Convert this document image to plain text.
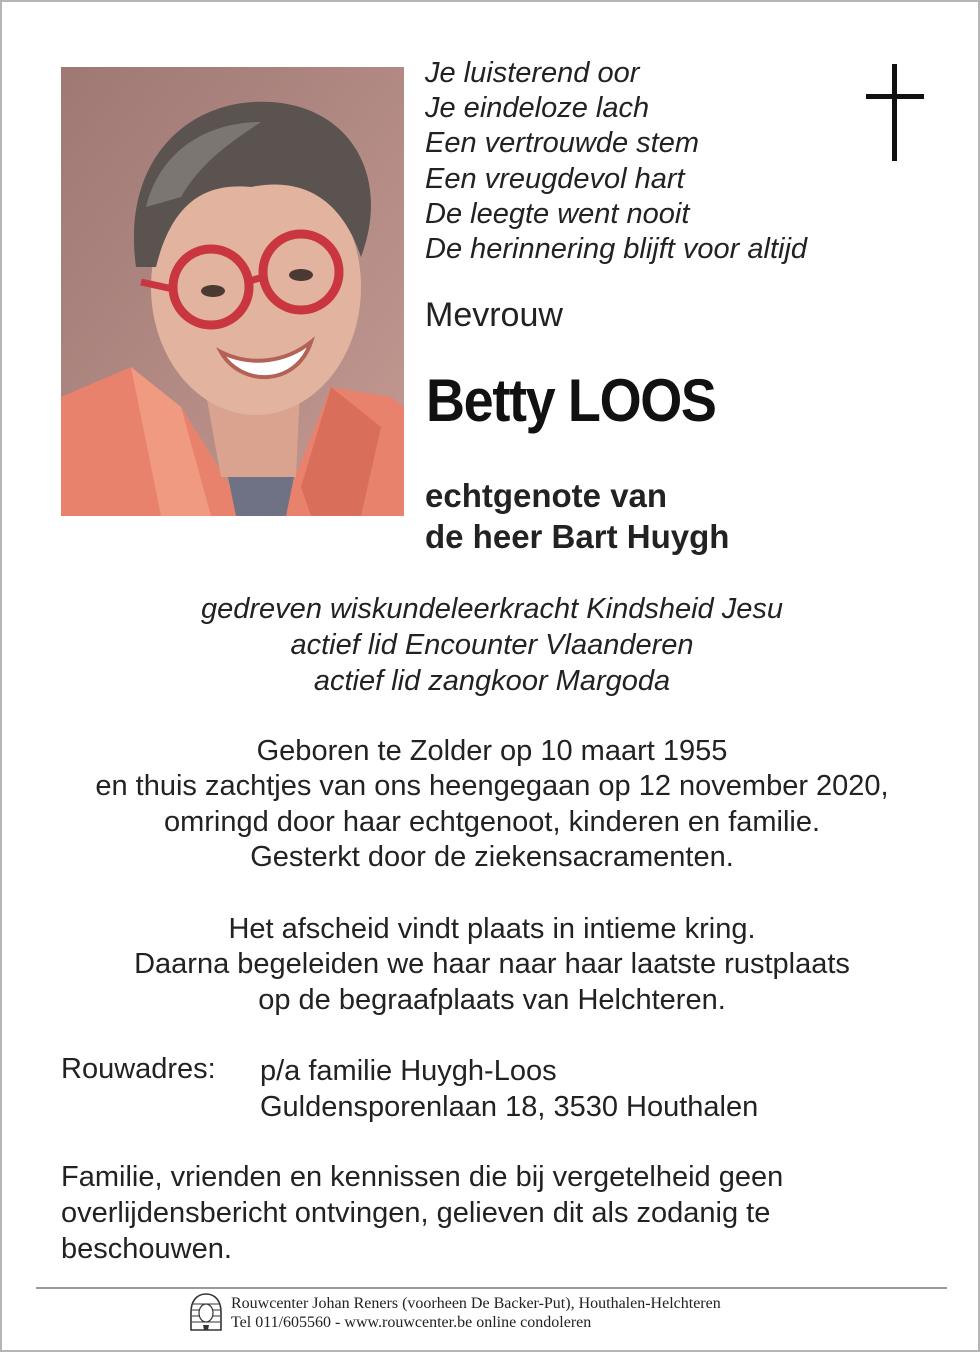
Je luisterend oor
Je eindeloze lach
Een vertrouwde stem
Een vreugdevol hart
De leegte went nooit
De herinnering blijft voor altijd
Mevrouw
Betty LOOS
echtgenote van
de heer Bart Huygh
gedreven wiskundeleerkracht Kindsheid Jesu
actief lid Encounter Vlaanderen
actief lid zangkoor Margoda
Geboren te Zolder op 10 maart 1955
en thuis zachtjes van ons heengegaan op 12 november 2020,
omringd door haar echtgenoot, kinderen en familie.
Gesterkt door de ziekensacramenten.
Het afscheid vindt plaats in intieme kring.
Daarna begeleiden we haar naar haar laatste rustplaats
op de begraafplaats van Helchteren.
Rouwadres: p/a familie Huygh-Loos
Guldensporenlaan 18, 3530 Houthalen
Familie, vrienden en kennissen die bij vergetelheid geen
overlijdensbericht ontvingen, gelieven dit als zodanig te
beschouwen.
Rouwcenter Johan Reners (voorheen De Backer-Put), Houthalen-Helchteren
Tel 011/605560 - www.rouwcenter.be online condoleren
